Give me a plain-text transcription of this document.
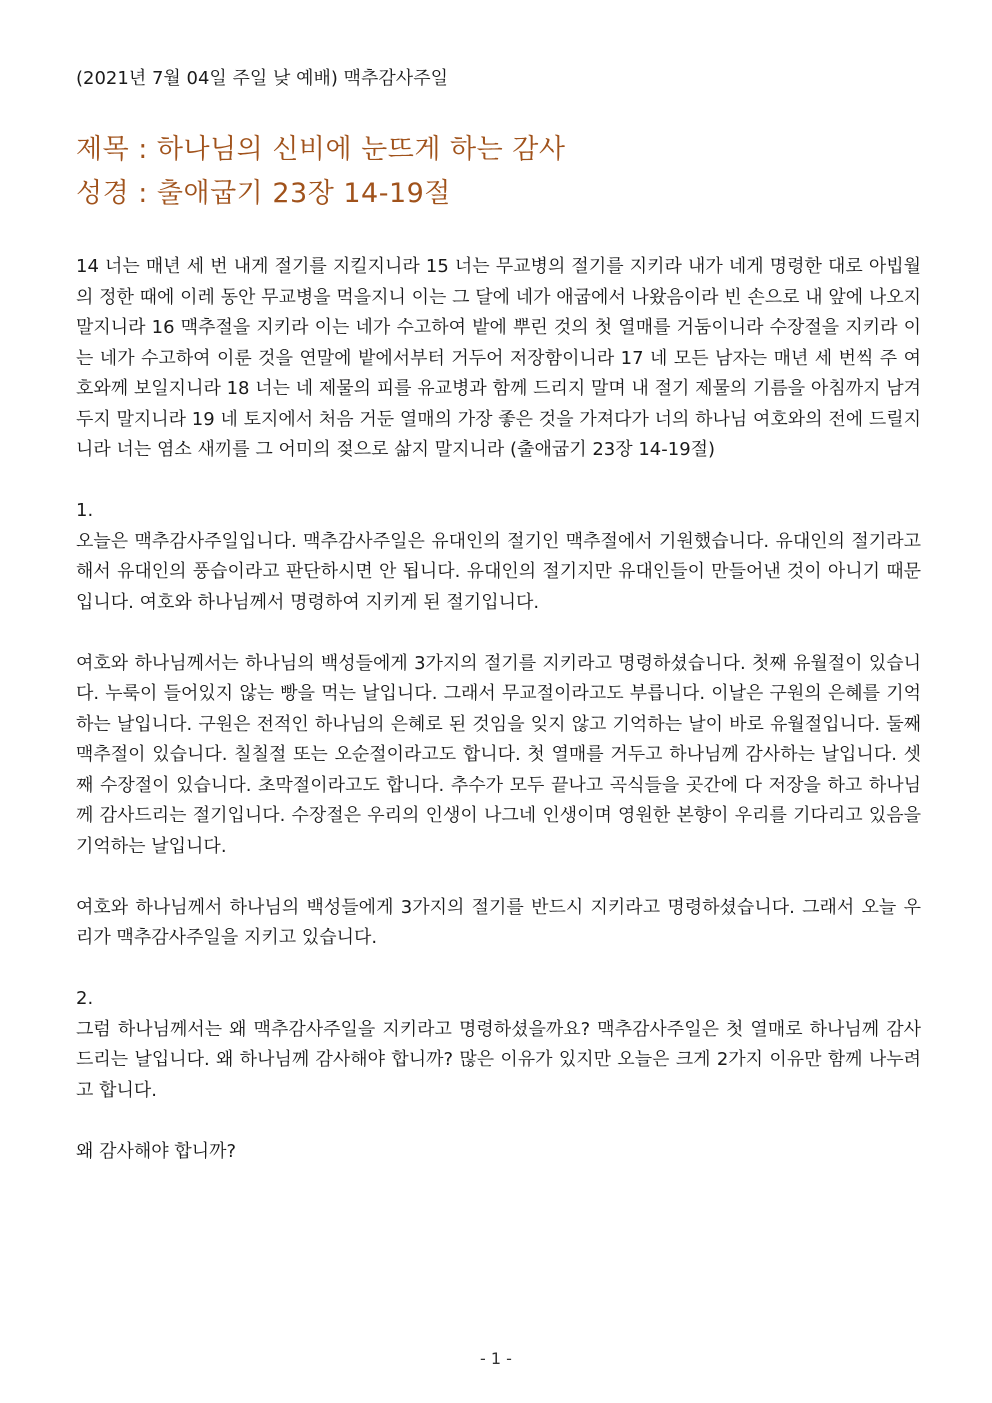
(2021년 7월 04일 주일 낮 예배) 맥추감사주일
제목 : 하나님의 신비에 눈뜨게 하는 감사
성경 : 출애굽기 23장 14-19절

14 너는 매년 세 번 내게 절기를 지킬지니라 15 너는 무교병의 절기를 지키라 내가 네게 명령한 대로 아빕월의 정한 때에 이레 동안 무교병을 먹을지니 이는 그 달에 네가 애굽에서 나왔음이라 빈 손으로 내 앞에 나오지 말지니라 16 맥추절을 지키라 이는 네가 수고하여 밭에 뿌린 것의 첫 열매를 거둠이니라 수장절을 지키라 이는 네가 수고하여 이룬 것을 연말에 밭에서부터 거두어 저장함이니라 17 네 모든 남자는 매년 세 번씩 주 여호와께 보일지니라 18 너는 네 제물의 피를 유교병과 함께 드리지 말며 내 절기 제물의 기름을 아침까지 남겨두지 말지니라 19 네 토지에서 처음 거둔 열매의 가장 좋은 것을 가져다가 너의 하나님 여호와의 전에 드릴지니라 너는 염소 새끼를 그 어미의 젖으로 삶지 말지니라 (출애굽기 23장 14-19절)

1.

오늘은 맥추감사주일입니다. 맥추감사주일은 유대인의 절기인 맥추절에서 기원했습니다. 유대인의 절기라고 해서 유대인의 풍습이라고 판단하시면 안 됩니다. 유대인의 절기지만 유대인들이 만들어낸 것이 아니기 때문입니다. 여호와 하나님께서 명령하여 지키게 된 절기입니다.

여호와 하나님께서는 하나님의 백성들에게 3가지의 절기를 지키라고 명령하셨습니다. 첫째 유월절이 있습니다. 누룩이 들어있지 않는 빵을 먹는 날입니다. 그래서 무교절이라고도 부릅니다. 이날은 구원의 은혜를 기억하는 날입니다. 구원은 전적인 하나님의 은혜로 된 것임을 잊지 않고 기억하는 날이 바로 유월절입니다. 둘째 맥추절이 있습니다. 칠칠절 또는 오순절이라고도 합니다. 첫 열매를 거두고 하나님께 감사하는 날입니다. 셋째 수장절이 있습니다. 초막절이라고도 합니다. 추수가 모두 끝나고 곡식들을 곳간에 다 저장을 하고 하나님께 감사드리는 절기입니다. 수장절은 우리의 인생이 나그네 인생이며 영원한 본향이 우리를 기다리고 있음을 기억하는 날입니다.

여호와 하나님께서 하나님의 백성들에게 3가지의 절기를 반드시 지키라고 명령하셨습니다. 그래서 오늘 우리가 맥추감사주일을 지키고 있습니다.

2.

그럼 하나님께서는 왜 맥추감사주일을 지키라고 명령하셨을까요? 맥추감사주일은 첫 열매로 하나님께 감사드리는 날입니다. 왜 하나님께 감사해야 합니까? 많은 이유가 있지만 오늘은 크게 2가지 이유만 함께 나누려고 합니다.

왜 감사해야 합니까?

- 1 -
